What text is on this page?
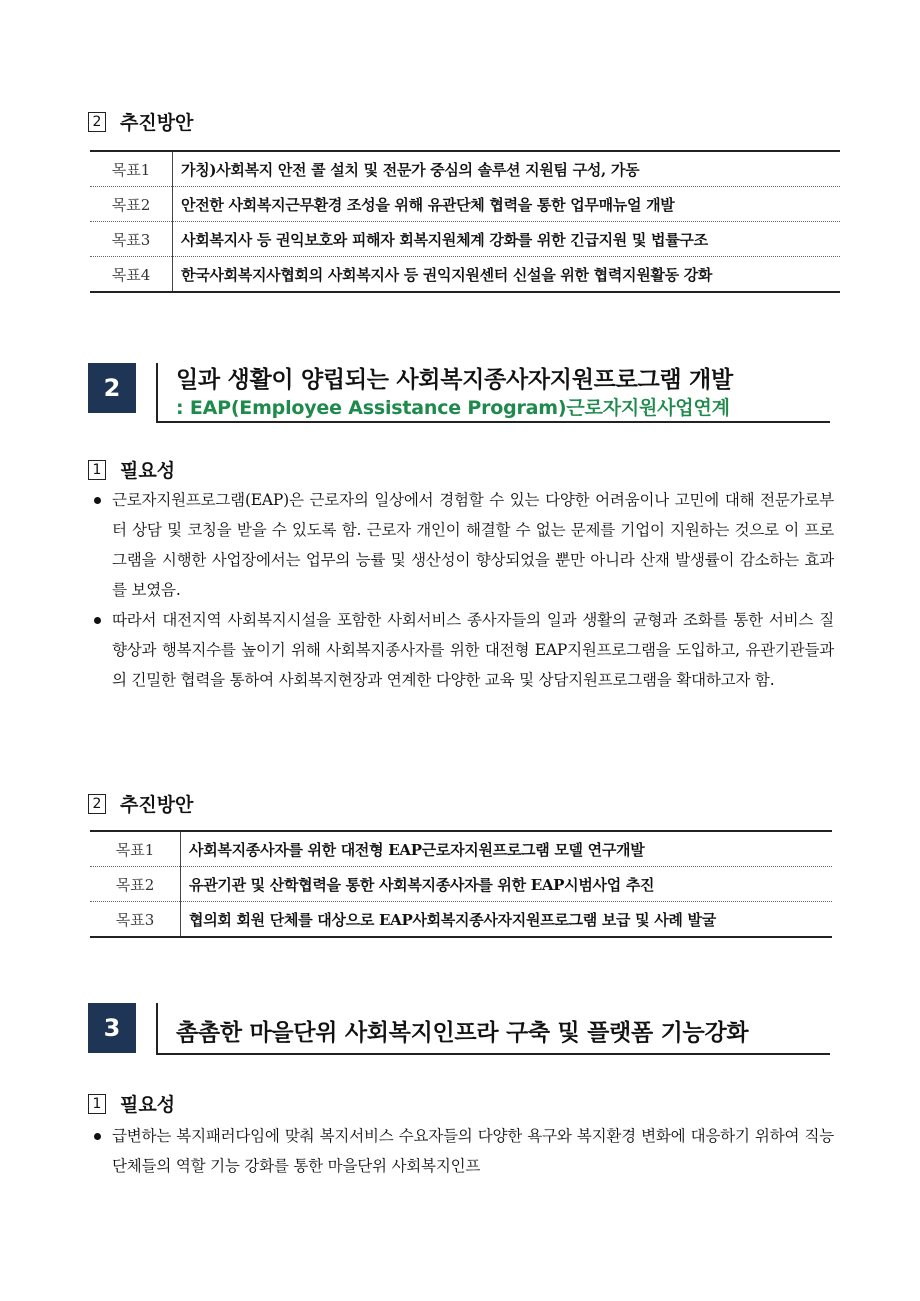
2 추진방안
목표1	가칭)사회복지 안전 콜 설치 및 전문가 중심의 솔루션 지원팀 구성, 가동
목표2	안전한 사회복지근무환경 조성을 위해 유관단체 협력을 통한 업무매뉴얼 개발
목표3	사회복지사 등 권익보호와 피해자 회복지원체계 강화를 위한 긴급지원 및 법률구조
목표4	한국사회복지사협회의 사회복지사 등 권익지원센터 신설을 위한 협력지원활동 강화
2	일과 생활이 양립되는 사회복지종사자지원프로그램 개발
: EAP(Employee Assistance Program)근로자지원사업연계
1 필요성
근로자지원프로그램(EAP)은 근로자의 일상에서 경험할 수 있는 다양한 어려움이나 고민에 대해 전문가로부터 상담 및 코칭을 받을 수 있도록 함. 근로자 개인이 해결할 수 없는 문제를 기업이 지원하는 것으로 이 프로그램을 시행한 사업장에서는 업무의 능률 및 생산성이 향상되었을 뿐만 아니라 산재 발생률이 감소하는 효과를 보였음.
따라서 대전지역 사회복지시설을 포함한 사회서비스 종사자들의 일과 생활의 균형과 조화를 통한 서비스 질 향상과 행복지수를 높이기 위해 사회복지종사자를 위한 대전형 EAP지원프로그램을 도입하고, 유관기관들과의 긴밀한 협력을 통하여 사회복지현장과 연계한 다양한 교육 및 상담지원프로그램을 확대하고자 함.
2 추진방안
목표1	사회복지종사자를 위한 대전형 EAP근로자지원프로그램 모델 연구개발
목표2	유관기관 및 산학협력을 통한 사회복지종사자를 위한 EAP시범사업 추진
목표3	협의회 회원 단체를 대상으로 EAP사회복지종사자지원프로그램 보급 및 사례 발굴
3	촘촘한 마을단위 사회복지인프라 구축 및 플랫폼 기능강화
1 필요성
급변하는 복지패러다임에 맞춰 복지서비스 수요자들의 다양한 욕구와 복지환경 변화에 대응하기 위하여 직능단체들의 역할 기능 강화를 통한 마을단위 사회복지인프
